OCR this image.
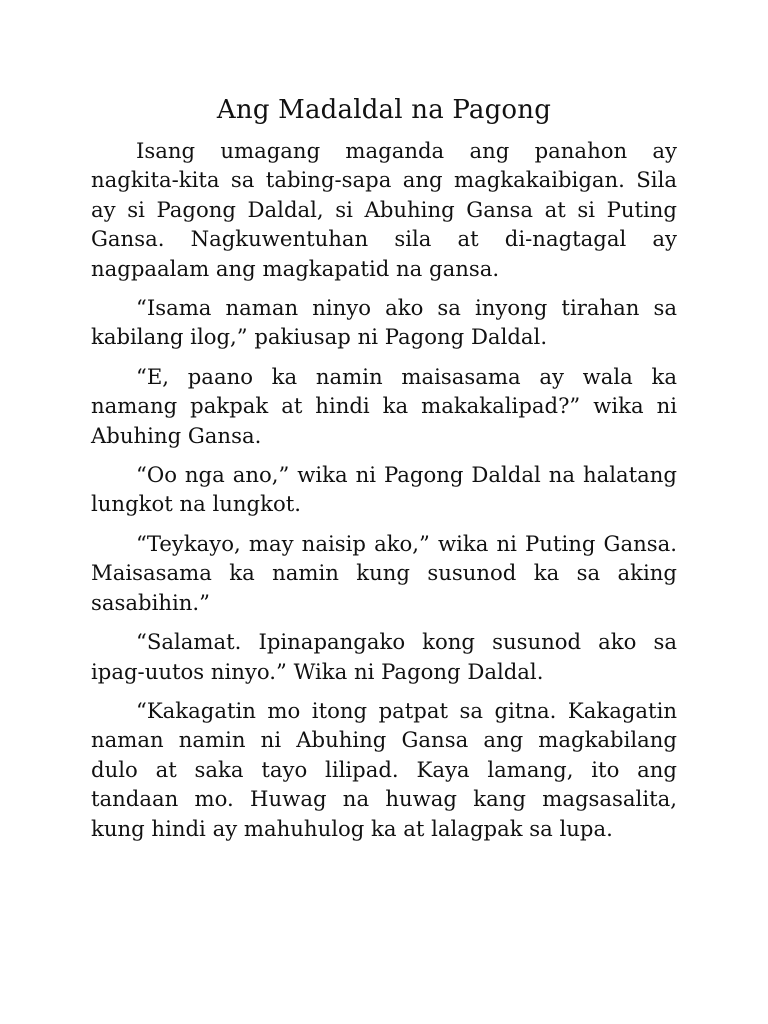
Ang Madaldal na Pagong

Isang umagang maganda ang panahon ay nagkita-kita sa tabing-sapa ang magkakaibigan. Sila ay si Pagong Daldal, si Abuhing Gansa at si Puting Gansa. Nagkuwentuhan sila at di-nagtagal ay nagpaalam ang magkapatid na gansa.

“Isama naman ninyo ako sa inyong tirahan sa kabilang ilog,” pakiusap ni Pagong Daldal.

“E, paano ka namin maisasama ay wala ka namang pakpak at hindi ka makakalipad?” wika ni Abuhing Gansa.

“Oo nga ano,” wika ni Pagong Daldal na halatang lungkot na lungkot.

“Teykayo, may naisip ako,” wika ni Puting Gansa. Maisasama ka namin kung susunod ka sa aking sasabihin.”

“Salamat. Ipinapangako kong susunod ako sa ipag-uutos ninyo.” Wika ni Pagong Daldal.

“Kakagatin mo itong patpat sa gitna. Kakagatin naman namin ni Abuhing Gansa ang magkabilang dulo at saka tayo lilipad. Kaya lamang, ito ang tandaan mo. Huwag na huwag kang magsasalita, kung hindi ay mahuhulog ka at lalagpak sa lupa.
